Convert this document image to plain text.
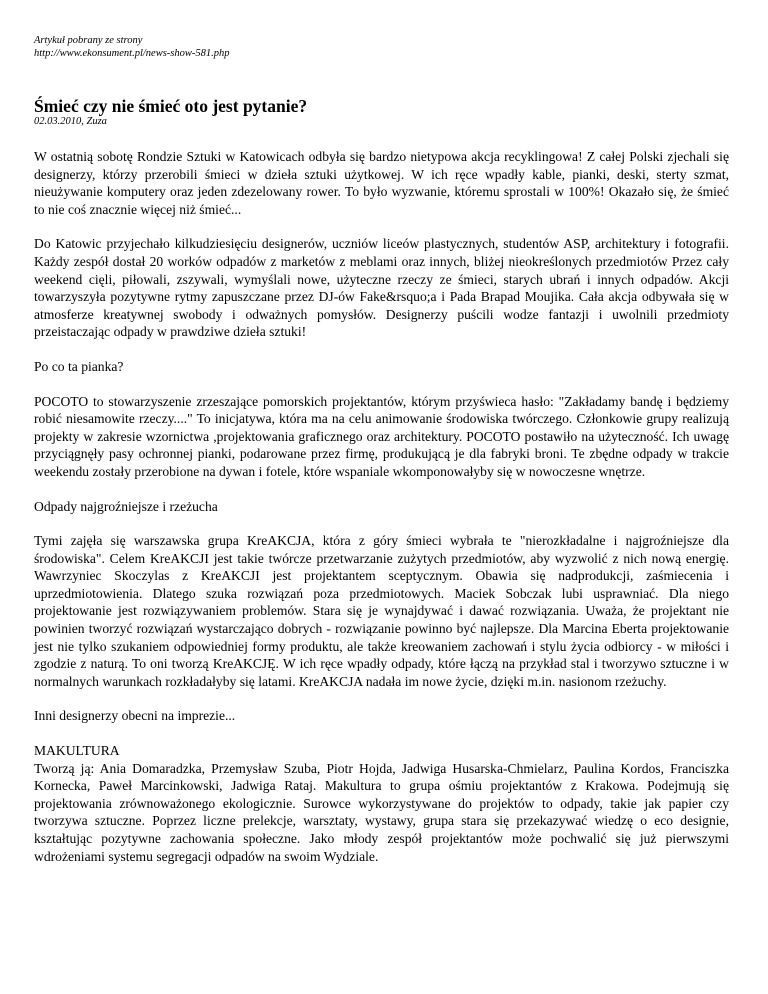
Artykuł pobrany ze strony
http://www.ekonsument.pl/news-show-581.php
Śmieć czy nie śmieć oto jest pytanie?
02.03.2010, Zuza

W ostatnią sobotę Rondzie Sztuki w Katowicach odbyła się bardzo nietypowa akcja recyklingowa! Z całej Polski zjechali się designerzy, którzy przerobili śmieci w dzieła sztuki użytkowej. W ich ręce wpadły kable, pianki, deski, sterty szmat, nieużywanie komputery oraz jeden zdezelowany rower. To było wyzwanie, któremu sprostali w 100%! Okazało się, że śmieć to nie coś znacznie więcej niż śmieć...

Do Katowic przyjechało kilkudziesięciu designerów, uczniów liceów plastycznych, studentów ASP, architektury i fotografii. Każdy zespół dostał 20 worków odpadów z marketów z meblami oraz innych, bliżej nieokreślonych przedmiotów Przez cały weekend cięli, piłowali, zszywali, wymyślali nowe, użyteczne rzeczy ze śmieci, starych ubrań i innych odpadów. Akcji towarzyszyła pozytywne rytmy zapuszczane przez DJ-ów Fake&rsquo;a i Pada Brapad Moujika. Cała akcja odbywała się w atmosferze kreatywnej swobody i odważnych pomysłów. Designerzy puścili wodze fantazji i uwolnili przedmioty przeistaczając odpady w prawdziwe dzieła sztuki!

Po co ta pianka?

POCOTO to stowarzyszenie zrzeszające pomorskich projektantów, którym przyświeca hasło: "Zakładamy bandę i będziemy robić niesamowite rzeczy...." To inicjatywa, która ma na celu animowanie środowiska twórczego. Członkowie grupy realizują projekty w zakresie wzornictwa ,projektowania graficznego oraz architektury. POCOTO postawiło na użyteczność. Ich uwagę przyciągnęły pasy ochronnej pianki, podarowane przez firmę, produkującą je dla fabryki broni. Te zbędne odpady w trakcie weekendu zostały przerobione na dywan i fotele, które wspaniale wkomponowałyby się w nowoczesne wnętrze.

Odpady najgroźniejsze i rzeżucha

Tymi zajęła się warszawska grupa KreAKCJA, która z góry śmieci wybrała te "nierozkładalne i najgroźniejsze dla środowiska". Celem KreAKCJI jest takie twórcze przetwarzanie zużytych przedmiotów, aby wyzwolić z nich nową energię. Wawrzyniec Skoczylas z KreAKCJI jest projektantem sceptycznym. Obawia się nadprodukcji, zaśmiecenia i uprzedmiotowienia. Dlatego szuka rozwiązań poza przedmiotowych. Maciek Sobczak lubi usprawniać. Dla niego projektowanie jest rozwiązywaniem problemów. Stara się je wynajdywać i dawać rozwiązania. Uważa, że projektant nie powinien tworzyć rozwiązań wystarczająco dobrych - rozwiązanie powinno być najlepsze. Dla Marcina Eberta projektowanie jest nie tylko szukaniem odpowiedniej formy produktu, ale także kreowaniem zachowań i stylu życia odbiorcy - w miłości i zgodzie z naturą. To oni tworzą KreAKCJĘ. W ich ręce wpadły odpady, które łączą na przykład stal i tworzywo sztuczne i w normalnych warunkach rozkładałyby się latami. KreAKCJA nadała im nowe życie, dzięki m.in. nasionom rzeżuchy.

Inni designerzy obecni na imprezie...

MAKULTURA

Tworzą ją: Ania Domaradzka, Przemysław Szuba, Piotr Hojda, Jadwiga Husarska-Chmielarz, Paulina Kordos, Franciszka Kornecka, Paweł Marcinkowski, Jadwiga Rataj. Makultura to grupa ośmiu projektantów z Krakowa. Podejmują się projektowania zrównoważonego ekologicznie. Surowce wykorzystywane do projektów to odpady, takie jak papier czy tworzywa sztuczne. Poprzez liczne prelekcje, warsztaty, wystawy, grupa stara się przekazywać wiedzę o eco designie, kształtując pozytywne zachowania społeczne. Jako młody zespół projektantów może pochwalić się już pierwszymi wdrożeniami systemu segregacji odpadów na swoim Wydziale.
